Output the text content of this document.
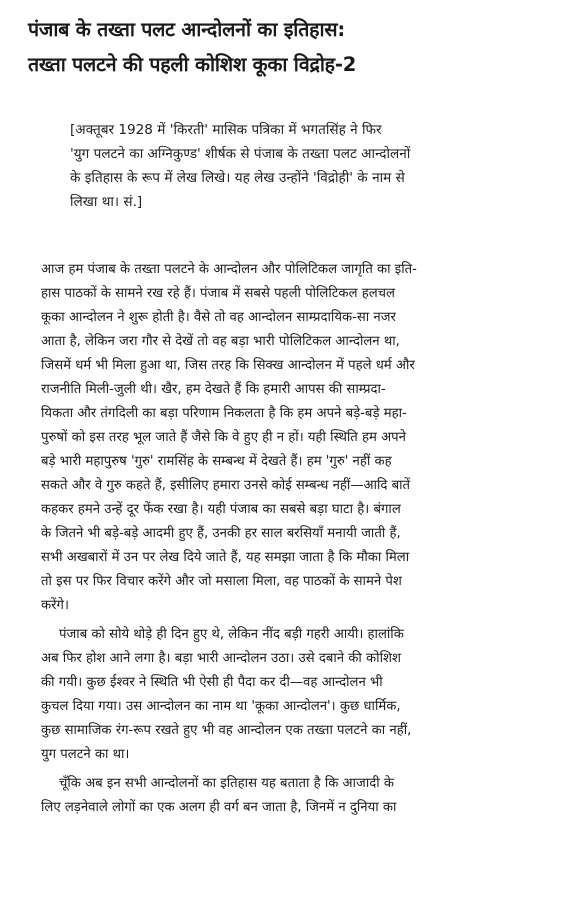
पंजाब के तख्ता पलट आन्दोलनों का इतिहास:
तख्ता पलटने की पहली कोशिश कूका विद्रोह-2
[अक्तूबर 1928 में 'किरती' मासिक पत्रिका में भगतसिंह ने फिर
'युग पलटने का अग्निकुण्ड' शीर्षक से पंजाब के तख्ता पलट आन्दोलनों
के इतिहास के रूप में लेख लिखे। यह लेख उन्होंने 'विद्रोही' के नाम से
लिखा था। सं.]
आज हम पंजाब के तख्ता पलटने के आन्दोलन और पोलिटिकल जागृति का इति-
हास पाठकों के सामने रख रहे हैं। पंजाब में सबसे पहली पोलिटिकल हलचल
कूका आन्दोलन ने शुरू होती है। वैसे तो वह आन्दोलन साम्प्रदायिक-सा नजर
आता है, लेकिन जरा गौर से देखें तो वह बड़ा भारी पोलिटिकल आन्दोलन था,
जिसमें धर्म भी मिला हुआ था, जिस तरह कि सिक्ख आन्दोलन में पहले धर्म और
राजनीति मिली-जुली थी। खैर, हम देखते हैं कि हमारी आपस की साम्प्रदा-
यिकता और तंगदिली का बड़ा परिणाम निकलता है कि हम अपने बड़े-बड़े महा-
पुरुषों को इस तरह भूल जाते हैं जैसे कि वे हुए ही न हों। यही स्थिति हम अपने
बड़े भारी महापुरुष 'गुरु' रामसिंह के सम्बन्ध में देखते हैं। हम 'गुरु' नहीं कह
सकते और वे गुरु कहते हैं, इसीलिए हमारा उनसे कोई सम्बन्ध नहीं—आदि बातें
कहकर हमने उन्हें दूर फेंक रखा है। यही पंजाब का सबसे बड़ा घाटा है। बंगाल
के जितने भी बड़े-बड़े आदमी हुए हैं, उनकी हर साल बरसियाँ मनायी जाती हैं,
सभी अखबारों में उन पर लेख दिये जाते हैं, यह समझा जाता है कि मौका मिला
तो इस पर फिर विचार करेंगे और जो मसाला मिला, वह पाठकों के सामने पेश
करेंगे।
पंजाब को सोये थोड़े ही दिन हुए थे, लेकिन नींद बड़ी गहरी आयी। हालांकि
अब फिर होश आने लगा है। बड़ा भारी आन्दोलन उठा। उसे दबाने की कोशिश
की गयी। कुछ ईश्वर ने स्थिति भी ऐसी ही पैदा कर दी—वह आन्दोलन भी
कुचल दिया गया। उस आन्दोलन का नाम था 'कूका आन्दोलन'। कुछ धार्मिक,
कुछ सामाजिक रंग-रूप रखते हुए भी वह आन्दोलन एक तख्ता पलटने का नहीं,
युग पलटने का था।
चूँकि अब इन सभी आन्दोलनों का इतिहास यह बताता है कि आजादी के
लिए लड़नेवाले लोगों का एक अलग ही वर्ग बन जाता है, जिनमें न दुनिया का
